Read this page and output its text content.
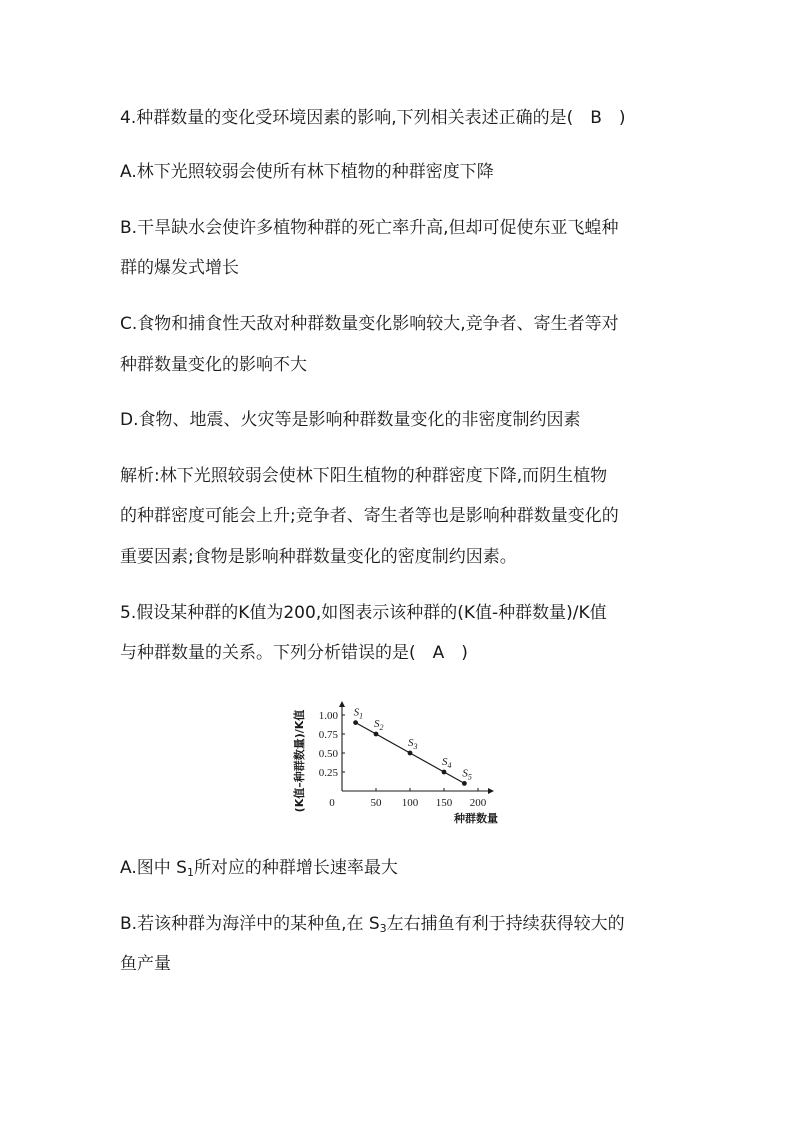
4.种群数量的变化受环境因素的影响,下列相关表述正确的是(　B　)
A.林下光照较弱会使所有林下植物的种群密度下降
B.干旱缺水会使许多植物种群的死亡率升高,但却可促使东亚飞蝗种
群的爆发式增长
C.食物和捕食性天敌对种群数量变化影响较大,竞争者、寄生者等对
种群数量变化的影响不大
D.食物、地震、火灾等是影响种群数量变化的非密度制约因素
解析:林下光照较弱会使林下阳生植物的种群密度下降,而阴生植物
的种群密度可能会上升;竞争者、寄生者等也是影响种群数量变化的
重要因素;食物是影响种群数量变化的密度制约因素。
5.假设某种群的K值为200,如图表示该种群的(K值-种群数量)/K值
与种群数量的关系。下列分析错误的是(　A　)
50 100 150 200
1.00
0.75
0.50
0.25
0
种群数量
(K值–种群数量)/K值	$S_1$
$S_2$
$S_3$
$S_4$
$S_5$
A.图中 $S_1$所对应的种群增长速率最大
B.若该种群为海洋中的某种鱼,在 $S_3$左右捕鱼有利于持续获得较大的
鱼产量
